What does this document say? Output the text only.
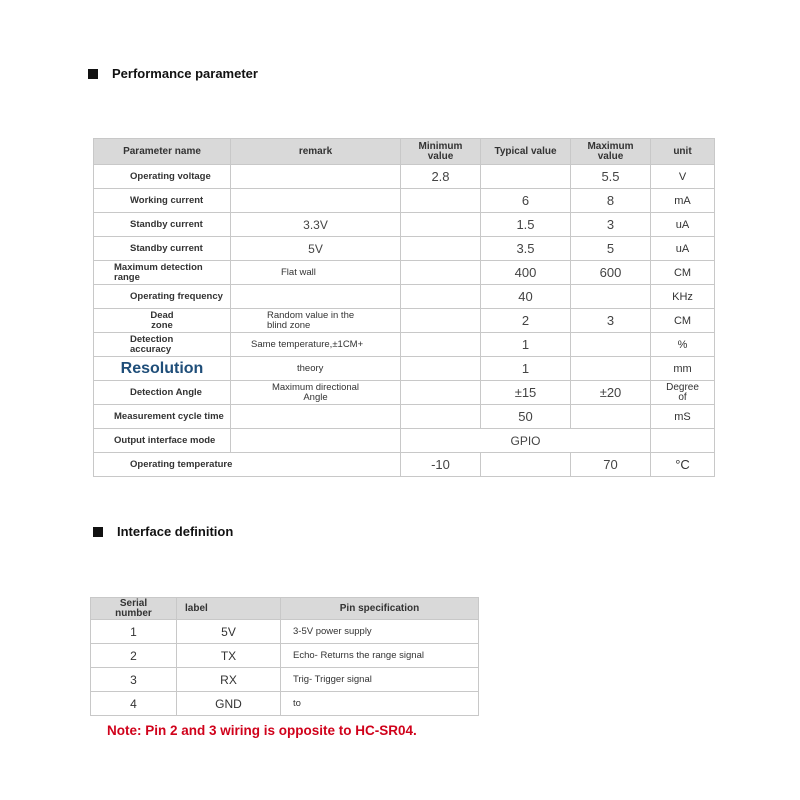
Performance parameter
Parameter name	remark	Minimum value	Typical value	Maximum value	unit
Operating voltage		2.8		5.5	V
Working current			6	8	mA
Standby current	3.3V		1.5	3	uA
Standby current	5V		3.5	5	uA
Maximum detection range	Flat wall		400	600	CM
Operating frequency			40		KHz
Dead zone	Random value in the blind zone		2	3	CM
Detection accuracy	Same temperature,±1CM+		1		%
Resolution	theory		1		mm
Detection Angle	Maximum directional Angle		±15	±20	Degree of
Measurement cycle time			50		mS
Output interface mode		GPIO			
Operating temperature		-10		70	°C
Interface definition
Serial number	label	Pin specification
1	5V	3-5V power supply
2	TX	Echo- Returns the range signal
3	RX	Trig- Trigger signal
4	GND	to
Note: Pin 2 and 3 wiring is opposite to HC-SR04.
